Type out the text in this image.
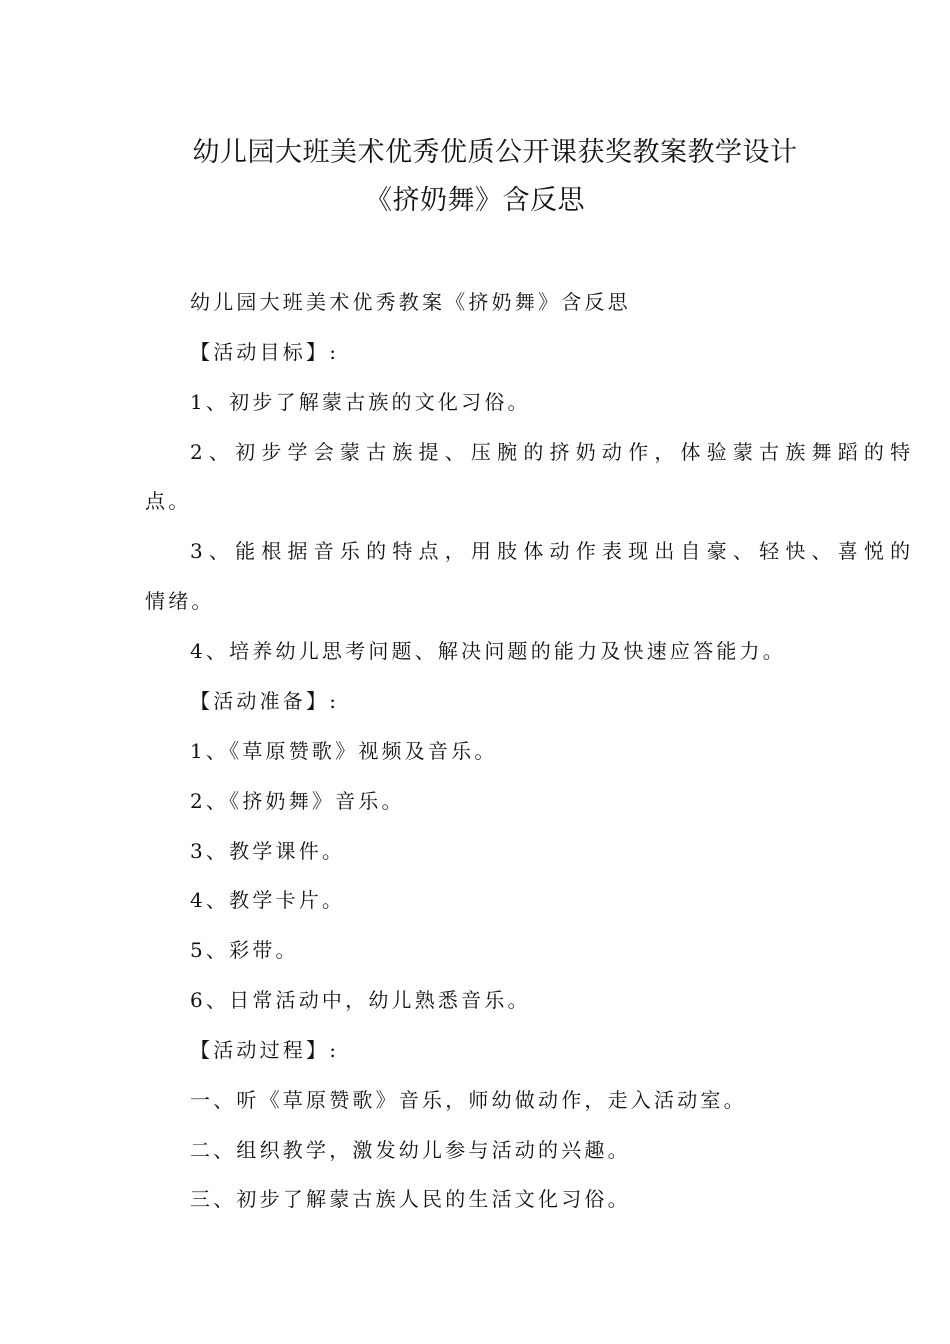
幼儿园大班美术优秀优质公开课获奖教案教学设计
《挤奶舞》含反思
幼儿园大班美术优秀教案《挤奶舞》含反思
【活动目标】:
1、初步了解蒙古族的文化习俗。
2、初步学会蒙古族提、压腕的挤奶动作，体验蒙古族舞蹈的特
点。
3、能根据音乐的特点，用肢体动作表现出自豪、轻快、喜悦的
情绪。
4、培养幼儿思考问题、解决问题的能力及快速应答能力。
【活动准备】:
1、《草原赞歌》视频及音乐。
2、《挤奶舞》音乐。
3、教学课件。
4、教学卡片。
5、彩带。
6、日常活动中，幼儿熟悉音乐。
【活动过程】:
一、听《草原赞歌》音乐，师幼做动作，走入活动室。
二、组织教学，激发幼儿参与活动的兴趣。
三、初步了解蒙古族人民的生活文化习俗。
